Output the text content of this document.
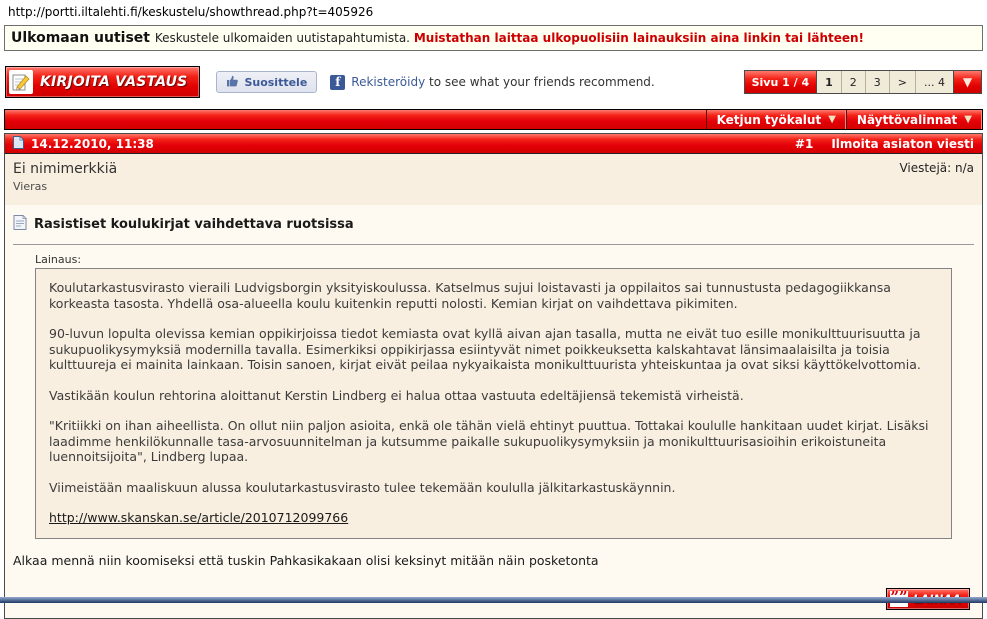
http://portti.iltalehti.fi/keskustelu/showthread.php?t=405926
Ulkomaan uutiset Keskustele ulkomaiden uutistapahtumista. Muistathan laittaa ulkopuolisiin lainauksiin aina linkin tai lähteen!
KIRJOITA VASTAUS	Suosittele	f Rekisteröidy to see what your friends recommend.	Sivu 1 / 4	1	2	3	>	... 4	▼
Ketjun työkalut ▼ Näyttövalinnat ▼
14.12.2010, 11:38	#1 Ilmoita asiaton viesti
Ei nimimerkkiä
Vieras
Viestejä: n/a
Rasistiset koulukirjat vaihdettava ruotsissa
Lainaus:

Koulutarkastusvirasto vieraili Ludvigsborgin yksityiskoulussa. Katselmus sujui loistavasti ja oppilaitos sai tunnustusta pedagogiikkansa korkeasta tasosta. Yhdellä osa-alueella koulu kuitenkin reputti nolosti. Kemian kirjat on vaihdettava pikimiten.

90-luvun lopulta olevissa kemian oppikirjoissa tiedot kemiasta ovat kyllä aivan ajan tasalla, mutta ne eivät tuo esille monikulttuurisuutta ja sukupuolikysymyksiä modernilla tavalla. Esimerkiksi oppikirjassa esiintyvät nimet poikkeuksetta kalskahtavat länsimaalaisilta ja toisia kulttuureja ei mainita lainkaan. Toisin sanoen, kirjat eivät peilaa nykyaikaista monikulttuurista yhteiskuntaa ja ovat siksi käyttökelvottomia.

Vastikään koulun rehtorina aloittanut Kerstin Lindberg ei halua ottaa vastuuta edeltäjiensä tekemistä virheistä.

"Kritiikki on ihan aiheellista. On ollut niin paljon asioita, enkä ole tähän vielä ehtinyt puuttua. Tottakai koululle hankitaan uudet kirjat. Lisäksi laadimme henkilökunnalle tasa-arvosuunnitelman ja kutsumme paikalle sukupuolikysymyksiin ja monikulttuurisasioihin erikoistuneita luennoitsijoita", Lindberg lupaa.

Viimeistään maaliskuun alussa koulutarkastusvirasto tulee tekemään koululla jälkitarkastuskäynnin.

http://www.skanskan.se/article/2010712099766
Alkaa mennä niin koomiseksi että tuskin Pahkasikakaan olisi keksinyt mitään näin posketonta
